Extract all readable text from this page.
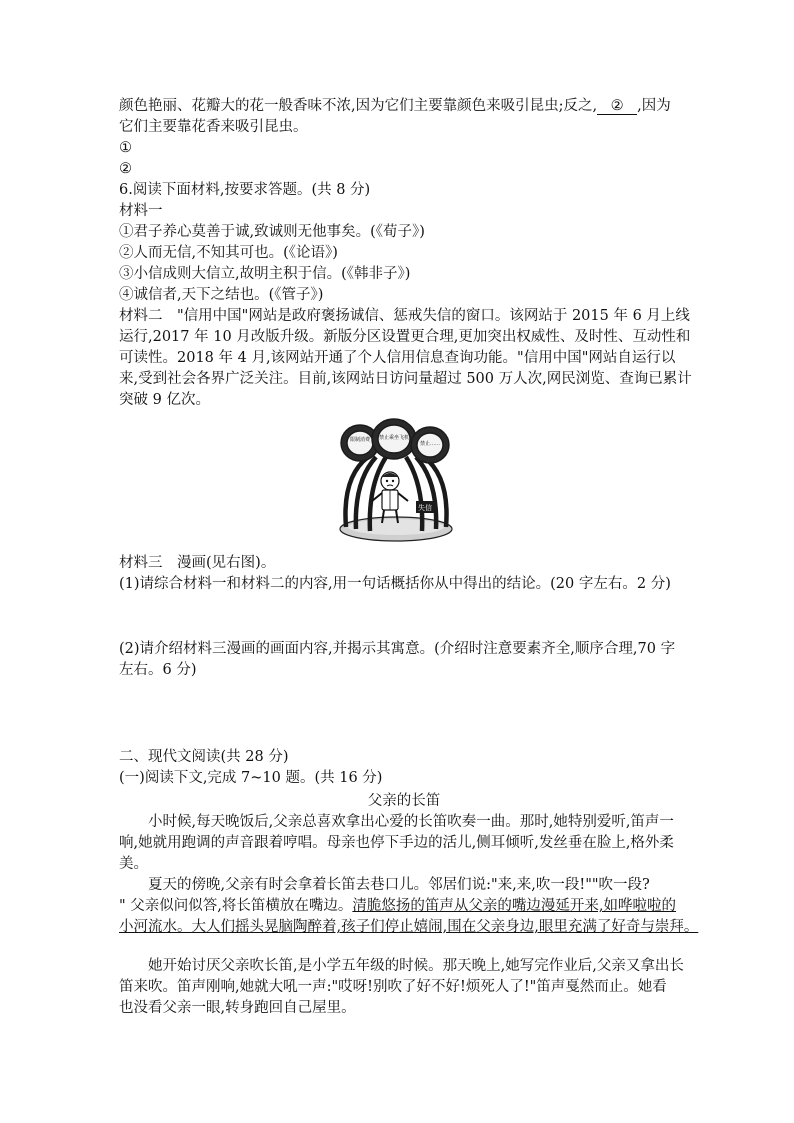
颜色艳丽、花瓣大的花一般香味不浓,因为它们主要靠颜色来吸引昆虫;反之, ② ,因为

它们主要靠花香来吸引昆虫。

①

②

6.阅读下面材料,按要求答题。(共 8 分)

材料一

①君子养心莫善于诚,致诚则无他事矣。(《荀子》)

②人而无信,不知其可也。(《论语》)

③小信成则大信立,故明主积于信。(《韩非子》)

④诚信者,天下之结也。(《管子》)

材料二　"信用中国"网站是政府褒扬诚信、惩戒失信的窗口。该网站于 2015 年 6 月上线

运行,2017 年 10 月改版升级。新版分区设置更合理,更加突出权威性、及时性、互动性和

可读性。2018 年 4 月,该网站开通了个人信用信息查询功能。"信用中国"网站自运行以

来,受到社会各界广泛关注。目前,该网站日访问量超过 500 万人次,网民浏览、查询已累计

突破 9 亿次。

限制消费 禁止乘坐飞机
禁止……
失信

材料三　漫画(见右图)。

(1)请综合材料一和材料二的内容,用一句话概括你从中得出的结论。(20 字左右。2 分)

(2)请介绍材料三漫画的画面内容,并揭示其寓意。(介绍时注意要素齐全,顺序合理,70 字

左右。6 分)

二、现代文阅读(共 28 分)

(一)阅读下文,完成 7~10 题。(共 16 分)

父亲的长笛

小时候,每天晚饭后,父亲总喜欢拿出心爱的长笛吹奏一曲。那时,她特别爱听,笛声一

响,她就用跑调的声音跟着哼唱。母亲也停下手边的活儿,侧耳倾听,发丝垂在脸上,格外柔

美。

夏天的傍晚,父亲有时会拿着长笛去巷口儿。邻居们说:"来,来,吹一段!""吹一段?

" 父亲似问似答,将长笛横放在嘴边。清脆悠扬的笛声从父亲的嘴边漫延开来,如哗啦啦的

小河流水。大人们摇头晃脑陶醉着,孩子们停止嬉闹,围在父亲身边,眼里充满了好奇与崇拜。

她开始讨厌父亲吹长笛,是小学五年级的时候。那天晚上,她写完作业后,父亲又拿出长

笛来吹。笛声刚响,她就大吼一声:"哎呀!别吹了好不好!烦死人了!"笛声戛然而止。她看

也没看父亲一眼,转身跑回自己屋里。
